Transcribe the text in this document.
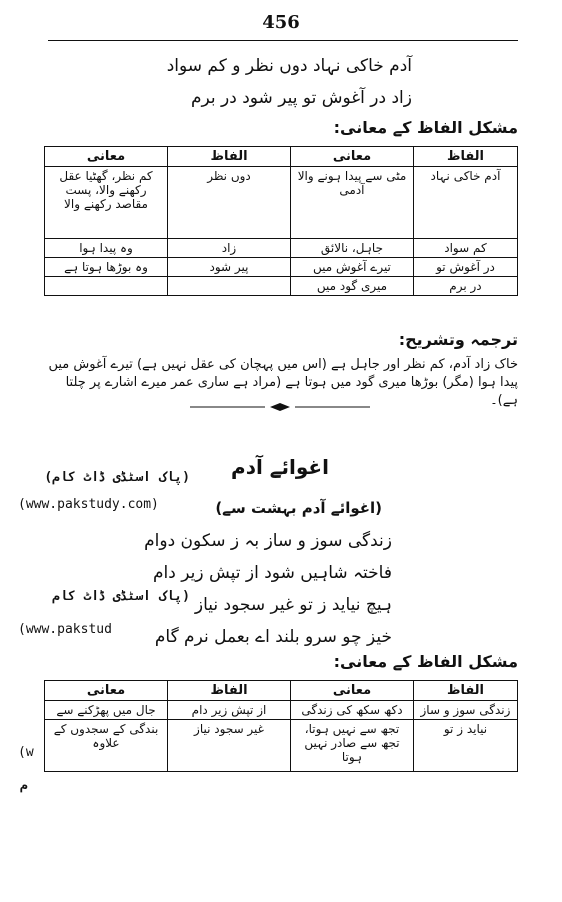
456
آدم خاکی نہاد دوں نظر و کم سواد
زاد در آغوش تو پیر شود در برم
مشکل الفاظ کے معانی:
الفاظ	معانی	الفاظ	معانی
آدم خاکی نہاد	مٹی سے پیدا ہونے والا آدمی	دوں نظر	کم نظر، گھٹیا عقل رکھنے والا، پست مقاصد رکھنے والا
کم سواد	جاہل، نالائق	زاد	وہ پیدا ہوا
در آغوش تو	تیرے آغوش میں	پیر شود	وہ بوڑھا ہوتا ہے
در برم	میری گود میں		
ترجمہ وتشریح:
خاک زاد آدم، کم نظر اور جاہل ہے (اس میں پہچان کی عقل نہیں ہے) تیرے آغوش میں پیدا ہوا (مگر) بوڑھا میری گود میں ہوتا ہے (مراد ہے ساری عمر میرے اشارے پر چلتا ہے)۔
اغوائے آدم
(پاک اسٹڈی ڈاٹ کام)
(www.pakstudy.com)	(اغوائے آدم بہشت سے)
زندگی سوز و ساز بہ ز سکون دوام
فاختہ شاہیں شود از تپش زیر دام
ہیچ نیاید ز تو غیر سجود نیاز
خیز چو سرو بلند اے بعمل نرم گام
(پاک اسٹڈی ڈاٹ کام
(www.pakstud
مشکل الفاظ کے معانی:
الفاظ	معانی	الفاظ	معانی
زندگی سوز و ساز	دکھ سکھ کی زندگی	از تپش زیر دام	جال میں پھڑکنے سے
نیاید ز تو	تجھ سے نہیں ہوتا، تجھ سے صادر نہیں ہوتا	غیر سجود نیاز	بندگی کے سجدوں کے علاوہ
(w
م
